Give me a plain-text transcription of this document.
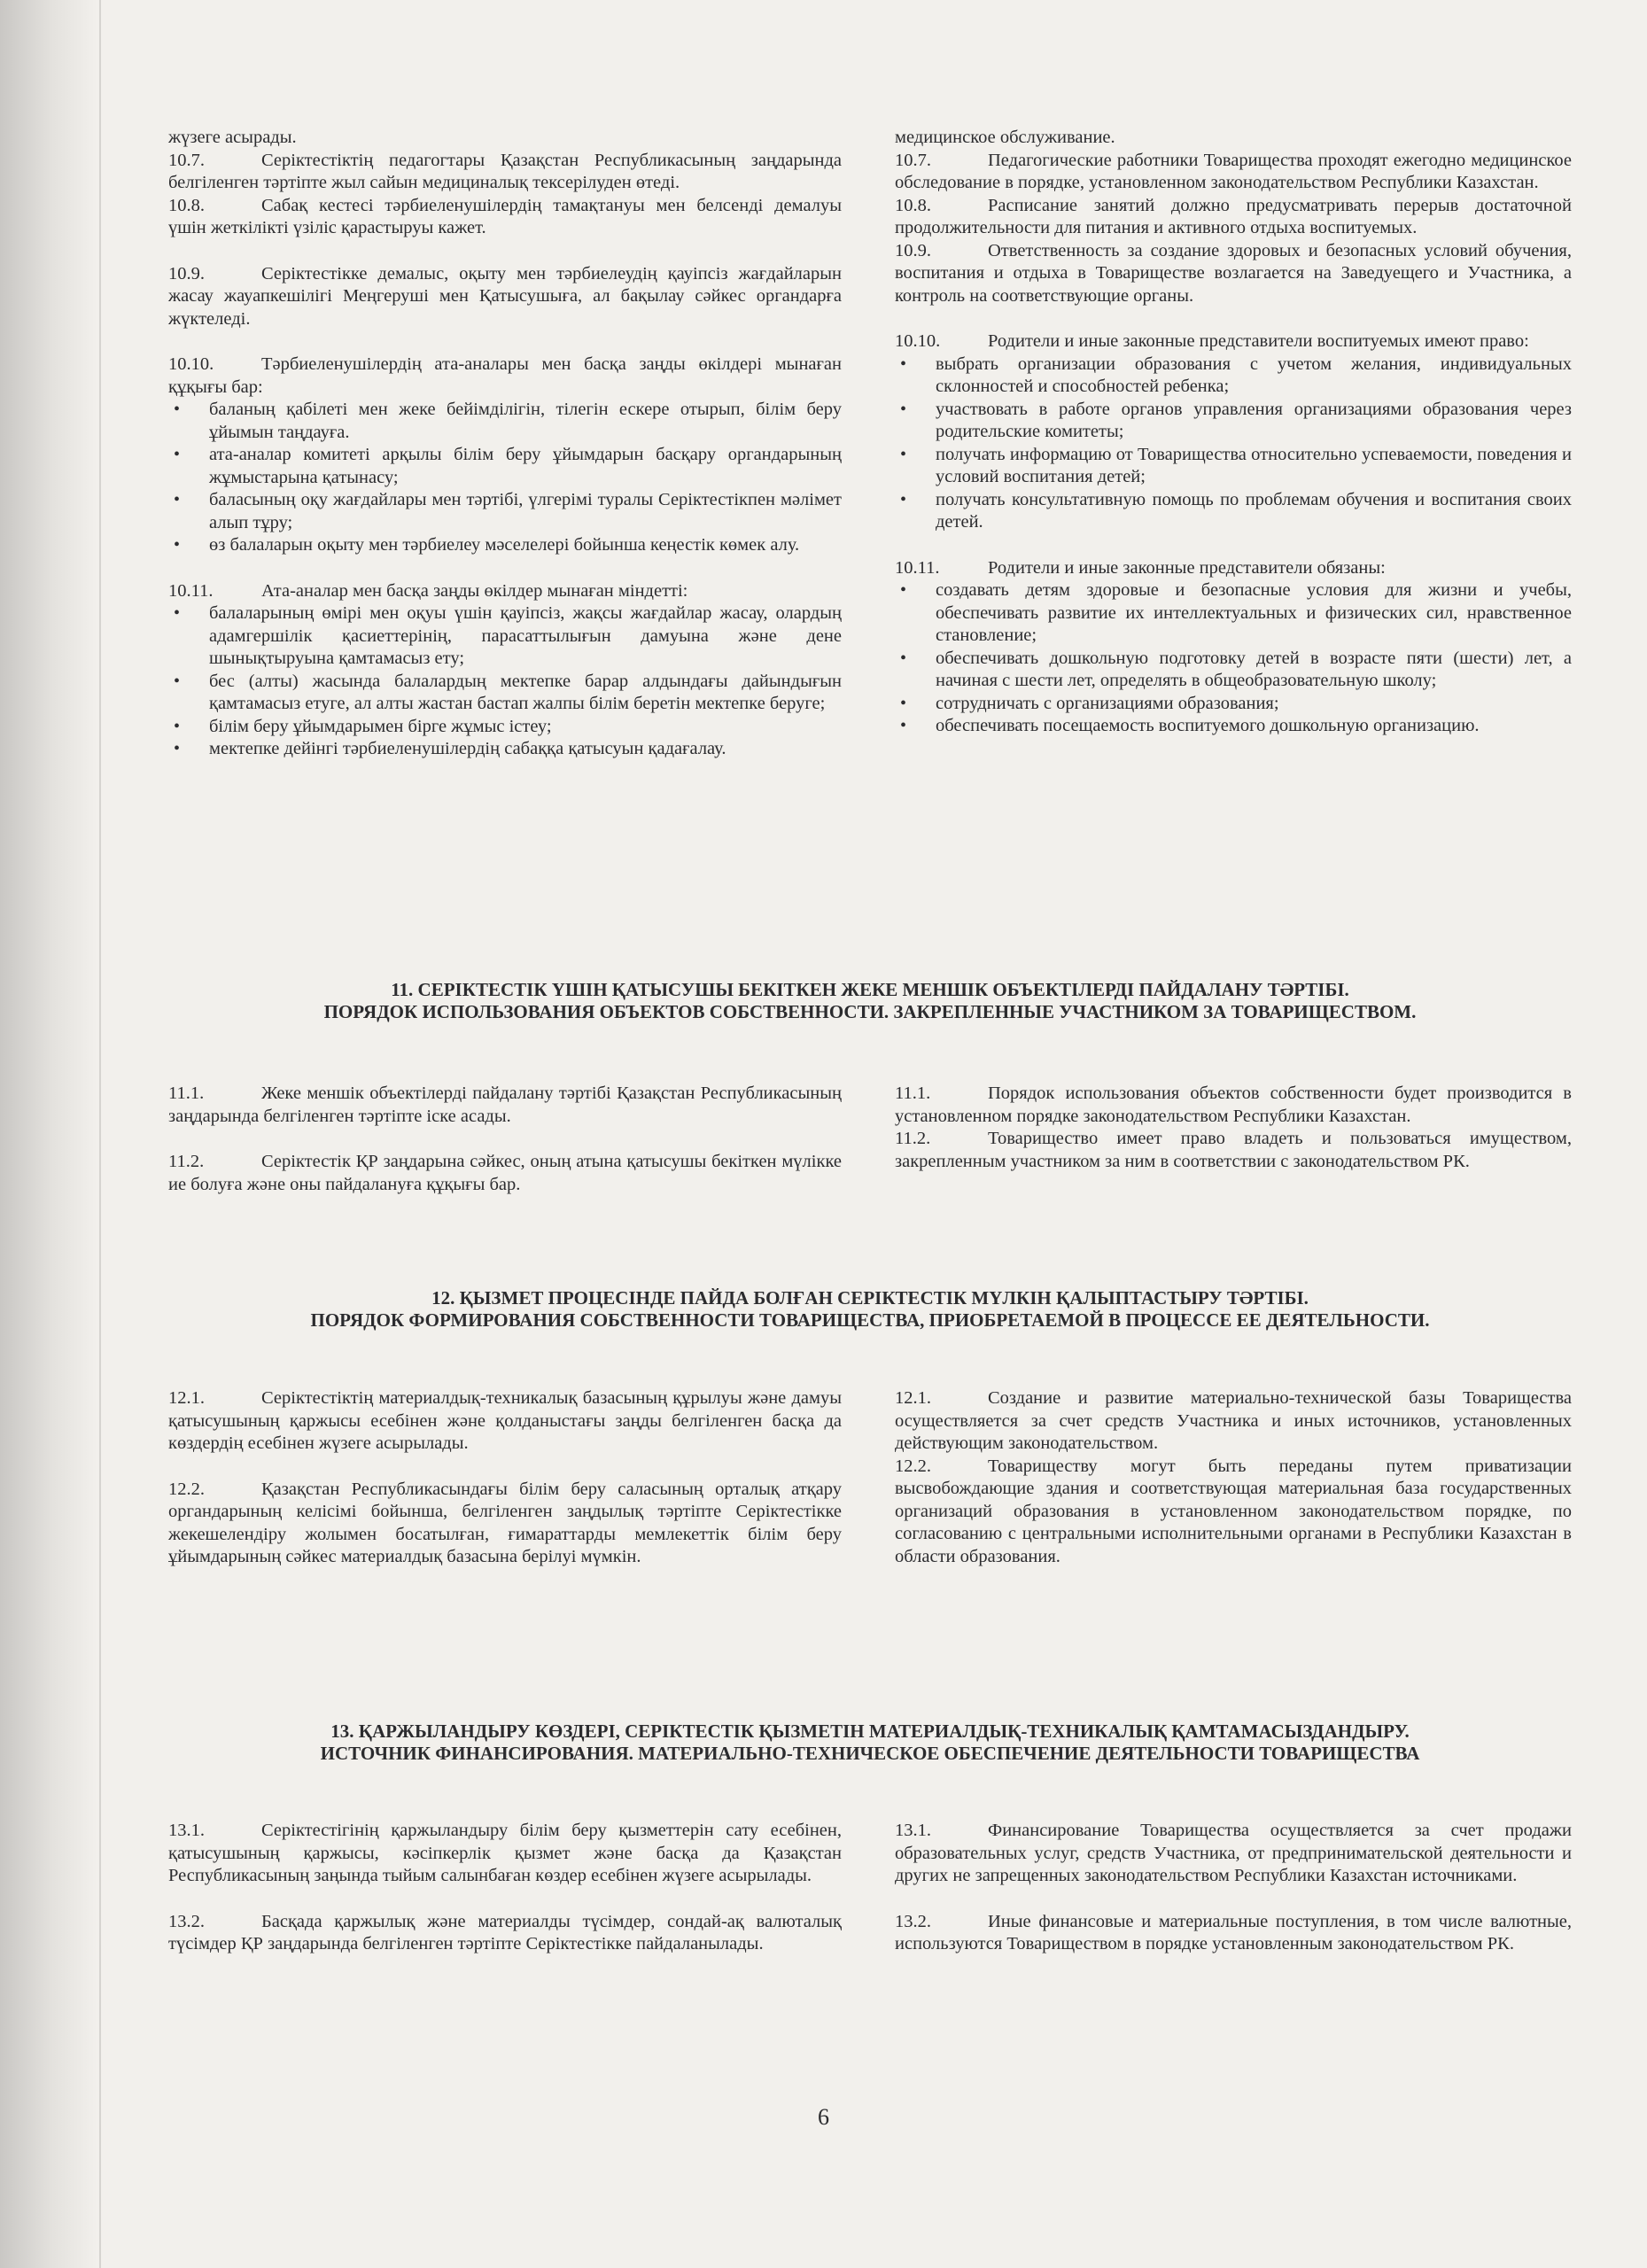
жүзеге асырады.

10.7.	Серіктестіктің педагогтары Қазақстан Республикасының заңдарында белгіленген тәртіпте жыл сайын медициналық тексерілуден өтеді.

10.8.	Сабақ кестесі тәрбиеленушілердің тамақтануы мен белсенді демалуы үшін жеткілікті үзіліс қарастыруы кажет.

10.9.	Серіктестікке демалыс, оқыту мен тәрбиелеудің қауіпсіз жағдайларын жасау жауапкешілігі Меңгеруші мен Қатысушыға, ал бақылау сәйкес органдарға жүктеледі.

10.10.	Тәрбиеленушілердің ата-аналары мен басқа заңды өкілдері мынаған құқығы бар:

• баланың қабілеті мен жеке бейімділігін, тілегін ескере отырып, білім беру ұйымын таңдауға.
• ата-аналар комитеті арқылы білім беру ұйымдарын басқару органдарының жұмыстарына қатынасу;
• баласының оқу жағдайлары мен тәртібі, үлгерімі туралы Серіктестікпен мәлімет алып тұру;
• өз балаларын оқыту мен тәрбиелеу мәселелері бойынша кеңестік көмек алу.

10.11.	Ата-аналар мен басқа заңды өкілдер мынаған міндетті:

• балаларының өмірі мен оқуы үшін қауіпсіз, жақсы жағдайлар жасау, олардың адамгершілік қасиеттерінің, парасаттылығын дамуына және дене шынықтыруына қамтамасыз ету;
• бес (алты) жасында балалардың мектепке барар алдындағы дайындығын қамтамасыз етуге, ал алты жастан бастап жалпы білім беретін мектепке беруге;
• білім беру ұйымдарымен бірге жұмыс істеу;
• мектепке дейінгі тәрбиеленушілердің сабаққа қатысуын қадағалау.

медицинское обслуживание.

10.7.	Педагогические работники Товарищества проходят ежегодно медицинское обследование в порядке, установленном законодательством Республики Казахстан.

10.8.	Расписание занятий должно предусматривать перерыв достаточной продолжительности для питания и активного отдыха воспитуемых.

10.9.	Ответственность за создание здоровых и безопасных условий обучения, воспитания и отдыха в Товариществе возлагается на Заведуещего и Участника, а контроль на соответствующие органы.

10.10.	Родители и иные законные представители воспитуемых имеют право:

• выбрать организации образования с учетом желания, индивидуальных склонностей и способностей ребенка;
• участвовать в работе органов управления организациями образования через родительские комитеты;
• получать информацию от Товарищества относительно успеваемости, поведения и условий воспитания детей;
• получать консультативную помощь по проблемам обучения и воспитания своих детей.

10.11.	Родители и иные законные представители обязаны:

• создавать детям здоровые и безопасные условия для жизни и учебы, обеспечивать развитие их интеллектуальных и физических сил, нравственное становление;
• обеспечивать дошкольную подготовку детей в возрасте пяти (шести) лет, а начиная с шести лет, определять в общеобразовательную школу;
• сотрудничать с организациями образования;
• обеспечивать посещаемость воспитуемого дошкольную организацию.
11. СЕРІКТЕСТІК ҮШІН ҚАТЫСУШЫ БЕКІТКЕН ЖЕКЕ МЕНШІК ОБЪЕКТІЛЕРДІ ПАЙДАЛАНУ ТӘРТІБІ.
ПОРЯДОК ИСПОЛЬЗОВАНИЯ ОБЪЕКТОВ СОБСТВЕННОСТИ. ЗАКРЕПЛЕННЫЕ УЧАСТНИКОМ ЗА ТОВАРИЩЕСТВОМ.

11.1.	Жеке меншік объектілерді пайдалану тәртібі Қазақстан Республикасының заңдарында белгіленген тәртіпте іске асады.

11.2.	Серіктестік ҚР заңдарына сәйкес, оның атына қатысушы бекіткен мүлікке ие болуға және оны пайдалануға құқығы бар.

11.1.	Порядок использования объектов собственности будет производится в установленном порядке законодательством Республики Казахстан.

11.2.	Товарищество имеет право владеть и пользоваться имуществом, закрепленным участником за ним в соответствии с законодательством РК.

12. ҚЫЗМЕТ ПРОЦЕСІНДЕ ПАЙДА БОЛҒАН СЕРІКТЕСТІК МҮЛКІН ҚАЛЫПТАСТЫРУ ТӘРТІБІ.
ПОРЯДОК ФОРМИРОВАНИЯ СОБСТВЕННОСТИ ТОВАРИЩЕСТВА, ПРИОБРЕТАЕМОЙ В ПРОЦЕССЕ ЕЕ ДЕЯТЕЛЬНОСТИ.

12.1.	Серіктестіктің материалдық-техникалық базасының құрылуы және дамуы қатысушының қаржысы есебінен және қолданыстағы заңды белгіленген басқа да көздердің есебінен жүзеге асырылады.

12.2.	Қазақстан Республикасындағы білім беру саласының орталық атқару органдарының келісімі бойынша, белгіленген заңдылық тәртіпте Серіктестікке жекешелендіру жолымен босатылған, ғимараттарды мемлекеттік білім беру ұйымдарының сәйкес материалдық базасына берілуі мүмкін.

12.1.	Создание и развитие материально-технической базы Товарищества осуществляется за счет средств Участника и иных источников, установленных действующим законодательством.

12.2.	Товариществу могут быть переданы путем приватизации высвобождающие здания и соответствующая материальная база государственных организаций образования в установленном законодательством порядке, по согласованию с центральными исполнительными органами в Республики Казахстан в области образования.

13. ҚАРЖЫЛАНДЫРУ КӨЗДЕРІ, СЕРІКТЕСТІК ҚЫЗМЕТІН МАТЕРИАЛДЫҚ-ТЕХНИКАЛЫҚ ҚАМТАМАСЫЗДАНДЫРУ.
ИСТОЧНИК ФИНАНСИРОВАНИЯ. МАТЕРИАЛЬНО-ТЕХНИЧЕСКОЕ ОБЕСПЕЧЕНИЕ ДЕЯТЕЛЬНОСТИ ТОВАРИЩЕСТВА

13.1.	Серіктестігінің қаржыландыру білім беру қызметтерін сату есебінен, қатысушының қаржысы, кәсіпкерлік қызмет және басқа да Қазақстан Республикасының заңында тыйым салынбаған көздер есебінен жүзеге асырылады.

13.2.	Басқада қаржылық және материалды түсімдер, сондай-ақ валюталық түсімдер ҚР заңдарында белгіленген тәртіпте Серіктестікке пайдаланылады.

13.1.	Финансирование Товарищества осуществляется за счет продажи образовательных услуг, средств Участника, от предпринимательской деятельности и других не запрещенных законодательством Республики Казахстан источниками.

13.2.	Иные финансовые и материальные поступления, в том числе валютные, используются Товариществом в порядке установленным законодательством РК.

6
